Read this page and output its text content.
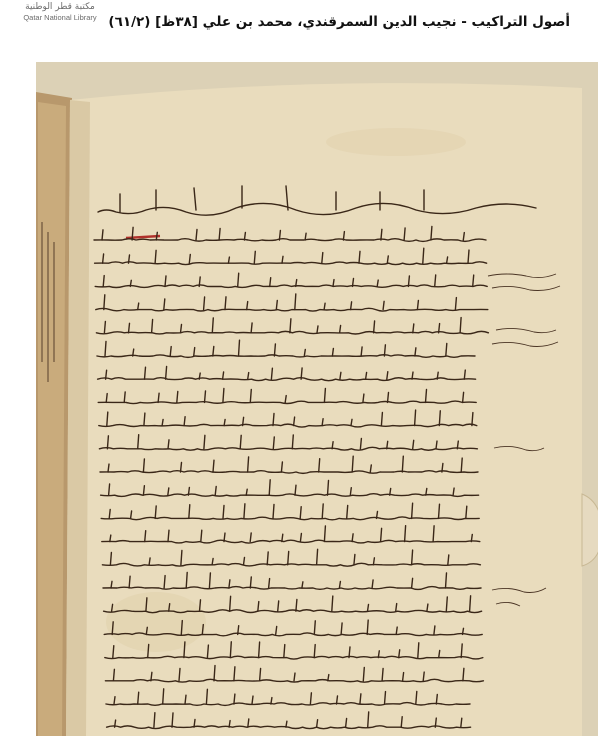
مكتبة قطر الوطنية
Qatar National Library أصول التراكيب - نجيب الدين السمرقندي، محمد بن علي [٣٨ظ] (٦١/٢)
